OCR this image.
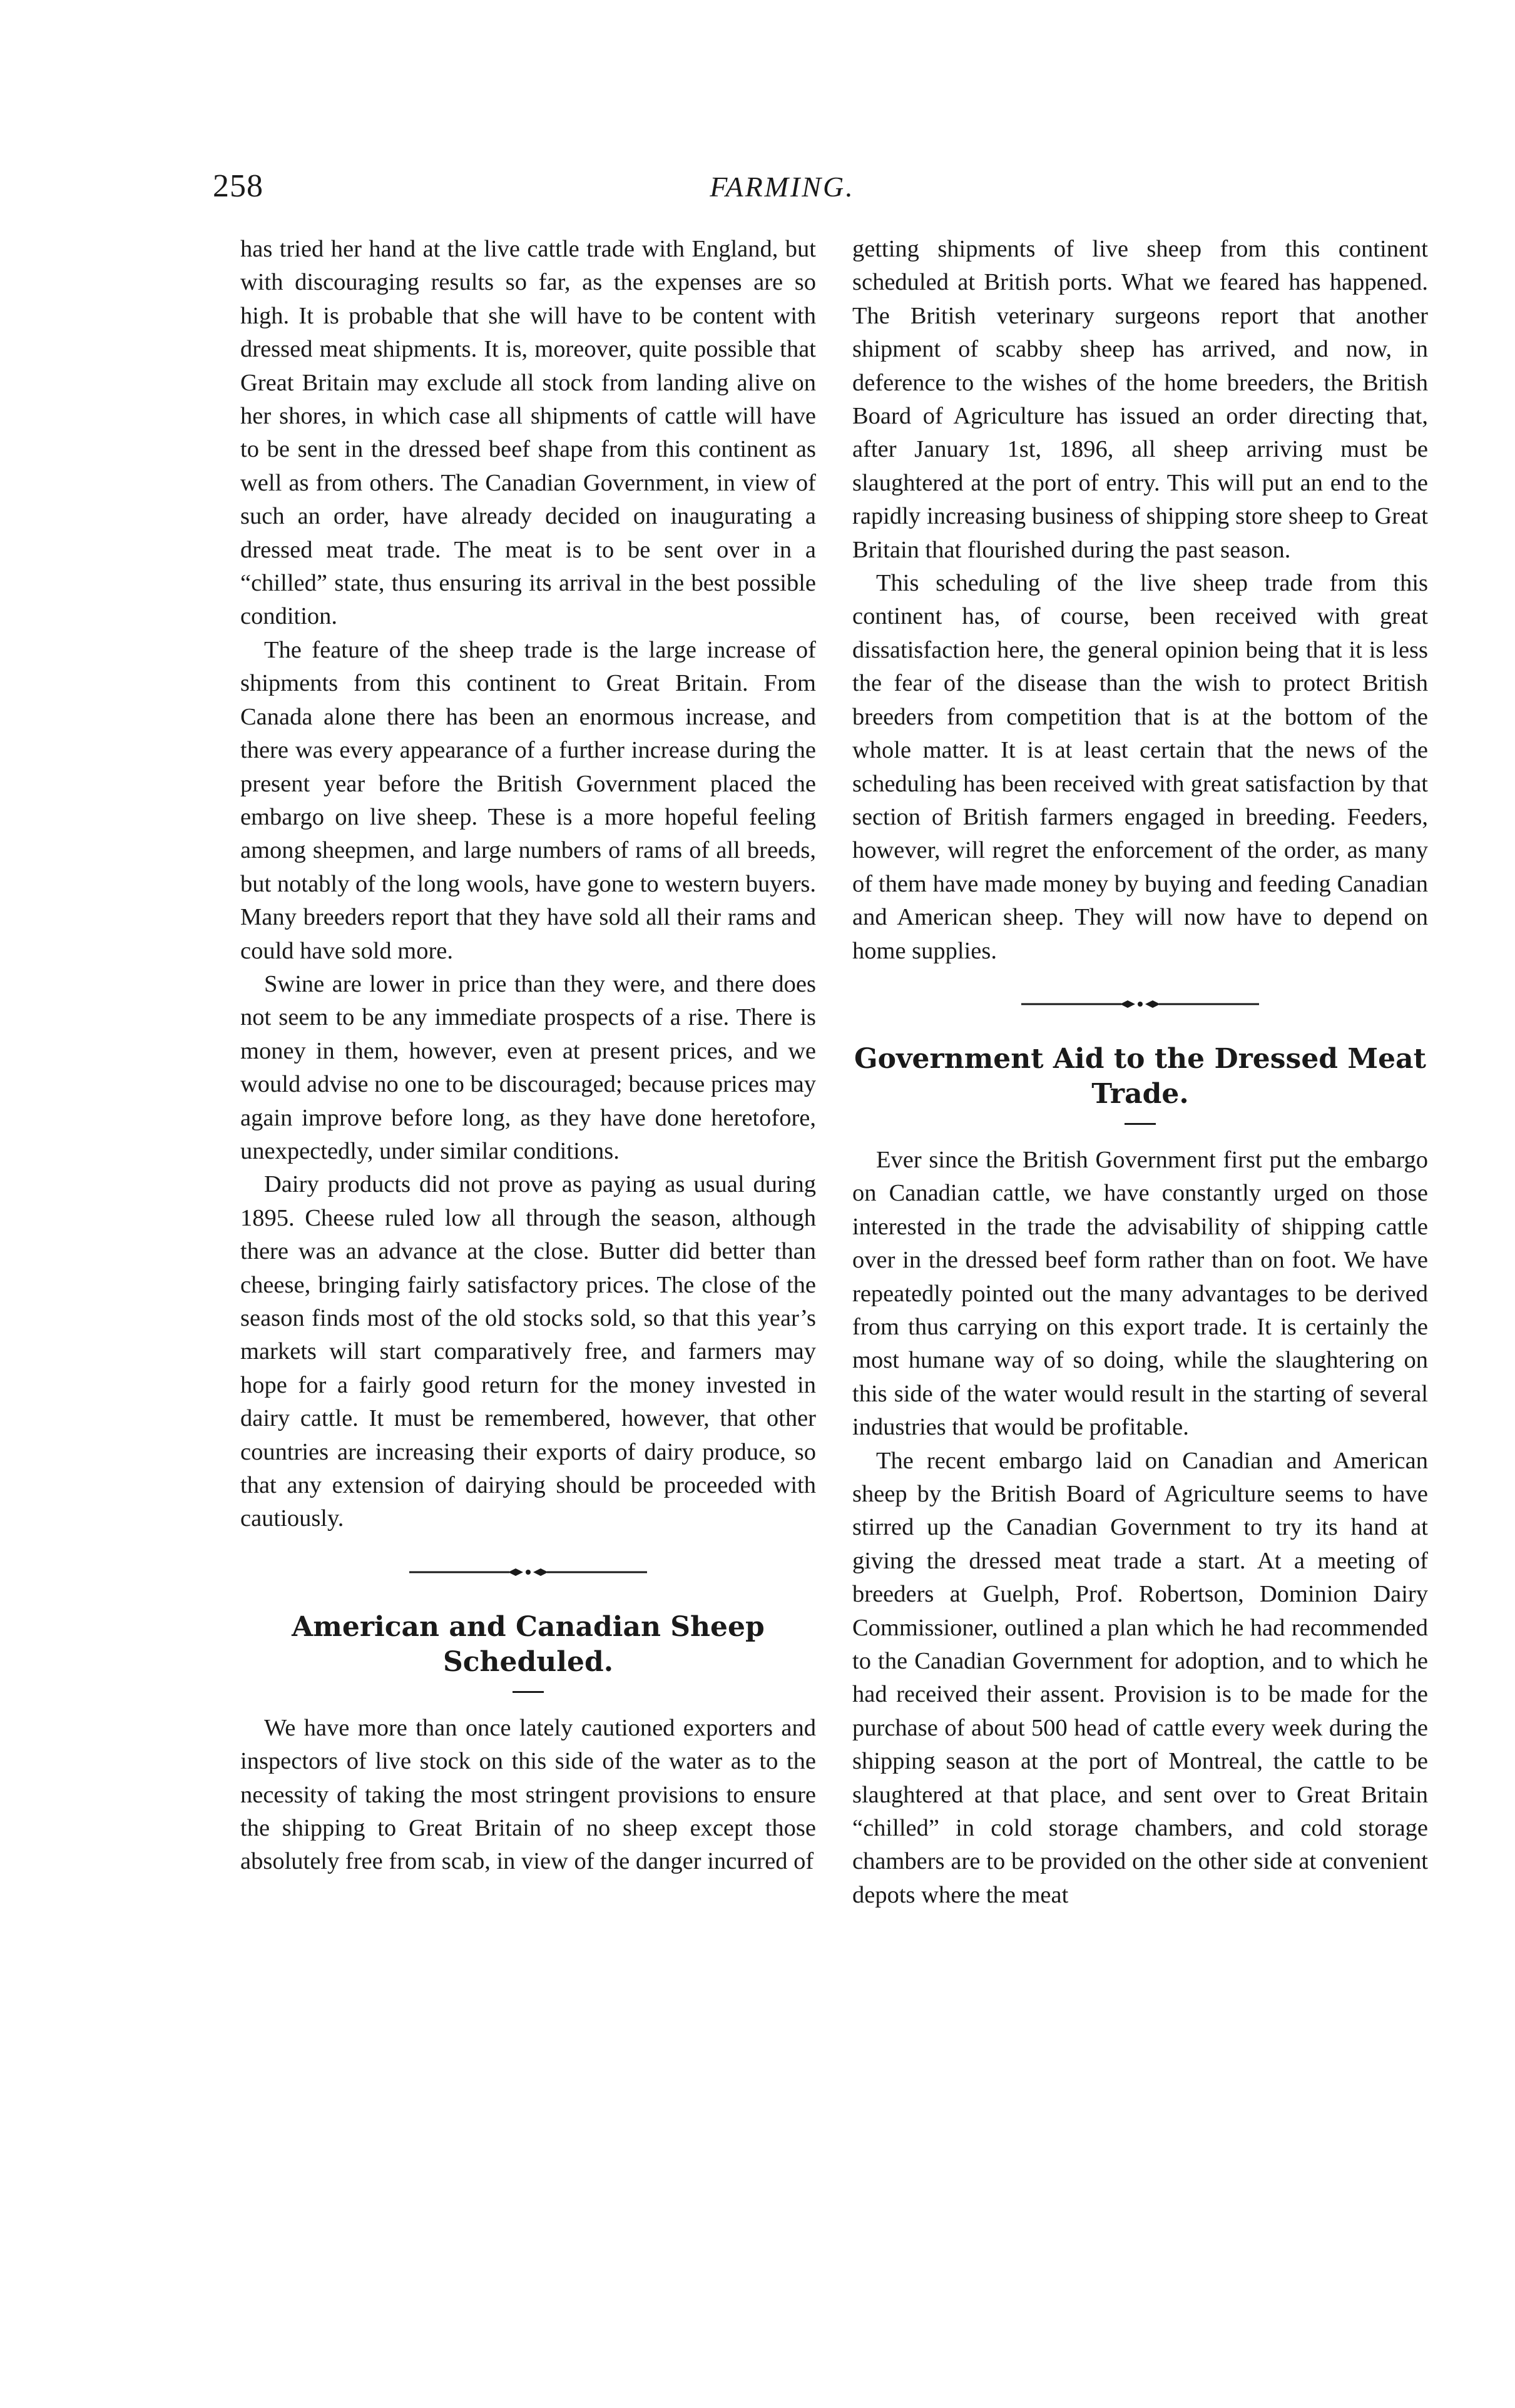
258	FARMING.

has tried her hand at the live cattle trade with England, but with discouraging results so far, as the expenses are so high. It is probable that she will have to be content with dressed meat shipments. It is, moreover, quite possible that Great Britain may exclude all stock from landing alive on her shores, in which case all shipments of cattle will have to be sent in the dressed beef shape from this continent as well as from others. The Canadian Government, in view of such an order, have already decided on inaugurating a dressed meat trade. The meat is to be sent over in a “chilled” state, thus ensuring its arrival in the best possible condition.

The feature of the sheep trade is the large increase of shipments from this continent to Great Britain. From Canada alone there has been an enormous increase, and there was every appearance of a further increase during the present year before the British Government placed the embargo on live sheep. These is a more hopeful feeling among sheepmen, and large numbers of rams of all breeds, but notably of the long wools, have gone to western buyers. Many breeders report that they have sold all their rams and could have sold more.

Swine are lower in price than they were, and there does not seem to be any immediate prospects of a rise. There is money in them, however, even at present prices, and we would advise no one to be discouraged; because prices may again improve before long, as they have done heretofore, unexpectedly, under similar conditions.

Dairy products did not prove as paying as usual during 1895. Cheese ruled low all through the season, although there was an advance at the close. Butter did better than cheese, bringing fairly satisfactory prices. The close of the season finds most of the old stocks sold, so that this year’s markets will start comparatively free, and farmers may hope for a fairly good return for the money invested in dairy cattle. It must be remembered, however, that other countries are increasing their exports of dairy produce, so that any extension of dairying should be proceeded with cautiously.

American and Canadian Sheep Scheduled.

We have more than once lately cautioned exporters and inspectors of live stock on this side of the water as to the necessity of taking the most stringent provisions to ensure the shipping to Great Britain of no sheep except those absolutely free from scab, in view of the danger incurred of

getting shipments of live sheep from this continent scheduled at British ports. What we feared has happened. The British veterinary surgeons report that another shipment of scabby sheep has arrived, and now, in deference to the wishes of the home breeders, the British Board of Agriculture has issued an order directing that, after January 1st, 1896, all sheep arriving must be slaughtered at the port of entry. This will put an end to the rapidly increasing business of shipping store sheep to Great Britain that flourished during the past season.

This scheduling of the live sheep trade from this continent has, of course, been received with great dissatisfaction here, the general opinion being that it is less the fear of the disease than the wish to protect British breeders from competition that is at the bottom of the whole matter. It is at least certain that the news of the scheduling has been received with great satisfaction by that section of British farmers engaged in breeding. Feeders, however, will regret the enforcement of the order, as many of them have made money by buying and feeding Canadian and American sheep. They will now have to depend on home supplies.

Government Aid to the Dressed Meat Trade.

Ever since the British Government first put the embargo on Canadian cattle, we have constantly urged on those interested in the trade the advisability of shipping cattle over in the dressed beef form rather than on foot. We have repeatedly pointed out the many advantages to be derived from thus carrying on this export trade. It is certainly the most humane way of so doing, while the slaughtering on this side of the water would result in the starting of several industries that would be profitable.

The recent embargo laid on Canadian and American sheep by the British Board of Agriculture seems to have stirred up the Canadian Government to try its hand at giving the dressed meat trade a start. At a meeting of breeders at Guelph, Prof. Robertson, Dominion Dairy Commissioner, outlined a plan which he had recommended to the Canadian Government for adoption, and to which he had received their assent. Provision is to be made for the purchase of about 500 head of cattle every week during the shipping season at the port of Montreal, the cattle to be slaughtered at that place, and sent over to Great Britain “chilled” in cold storage chambers, and cold storage chambers are to be provided on the other side at convenient depots where the meat
